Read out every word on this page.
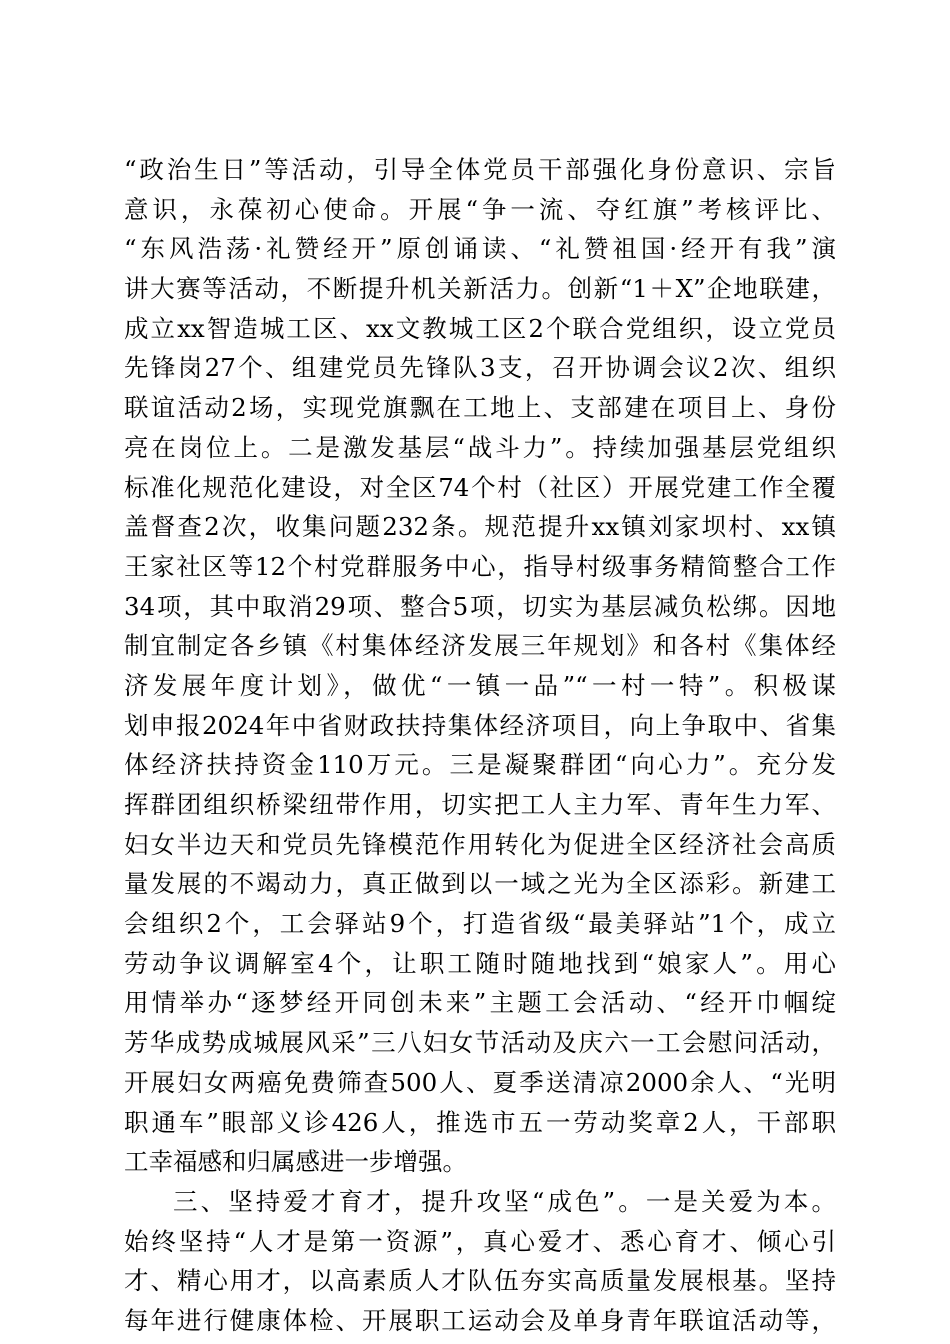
“政治生日”等活动，引导全体党员干部强化身份意识、宗旨
意识，永葆初心使命。开展“争一流、夺红旗”考核评比、
“东风浩荡·礼赞经开”原创诵读、“礼赞祖国·经开有我”演
讲大赛等活动，不断提升机关新活力。创新“1＋X”企地联建，
成立xx智造城工区、xx文教城工区2个联合党组织，设立党员
先锋岗27个、组建党员先锋队3支，召开协调会议2次、组织
联谊活动2场，实现党旗飘在工地上、支部建在项目上、身份
亮在岗位上。二是激发基层“战斗力”。持续加强基层党组织
标准化规范化建设，对全区74个村（社区）开展党建工作全覆
盖督查2次，收集问题232条。规范提升xx镇刘家坝村、xx镇
王家社区等12个村党群服务中心，指导村级事务精简整合工作
34项，其中取消29项、整合5项，切实为基层减负松绑。因地
制宜制定各乡镇《村集体经济发展三年规划》和各村《集体经
济发展年度计划》，做优“一镇一品”“一村一特”。积极谋
划申报2024年中省财政扶持集体经济项目，向上争取中、省集
体经济扶持资金110万元。三是凝聚群团“向心力”。充分发
挥群团组织桥梁纽带作用，切实把工人主力军、青年生力军、
妇女半边天和党员先锋模范作用转化为促进全区经济社会高质
量发展的不竭动力，真正做到以一域之光为全区添彩。新建工
会组织2个，工会驿站9个，打造省级“最美驿站”1个，成立
劳动争议调解室4个，让职工随时随地找到“娘家人”。用心
用情举办“逐梦经开同创未来”主题工会活动、“经开巾帼绽
芳华成势成城展风采”三八妇女节活动及庆六一工会慰问活动，
开展妇女两癌免费筛查500人、夏季送清凉2000余人、“光明
职通车”眼部义诊426人，推选市五一劳动奖章2人，干部职
工幸福感和归属感进一步增强。
三、坚持爱才育才，提升攻坚“成色”。一是关爱为本。
始终坚持“人才是第一资源”，真心爱才、悉心育才、倾心引
才、精心用才，以高素质人才队伍夯实高质量发展根基。坚持
每年进行健康体检、开展职工运动会及单身青年联谊活动等，
